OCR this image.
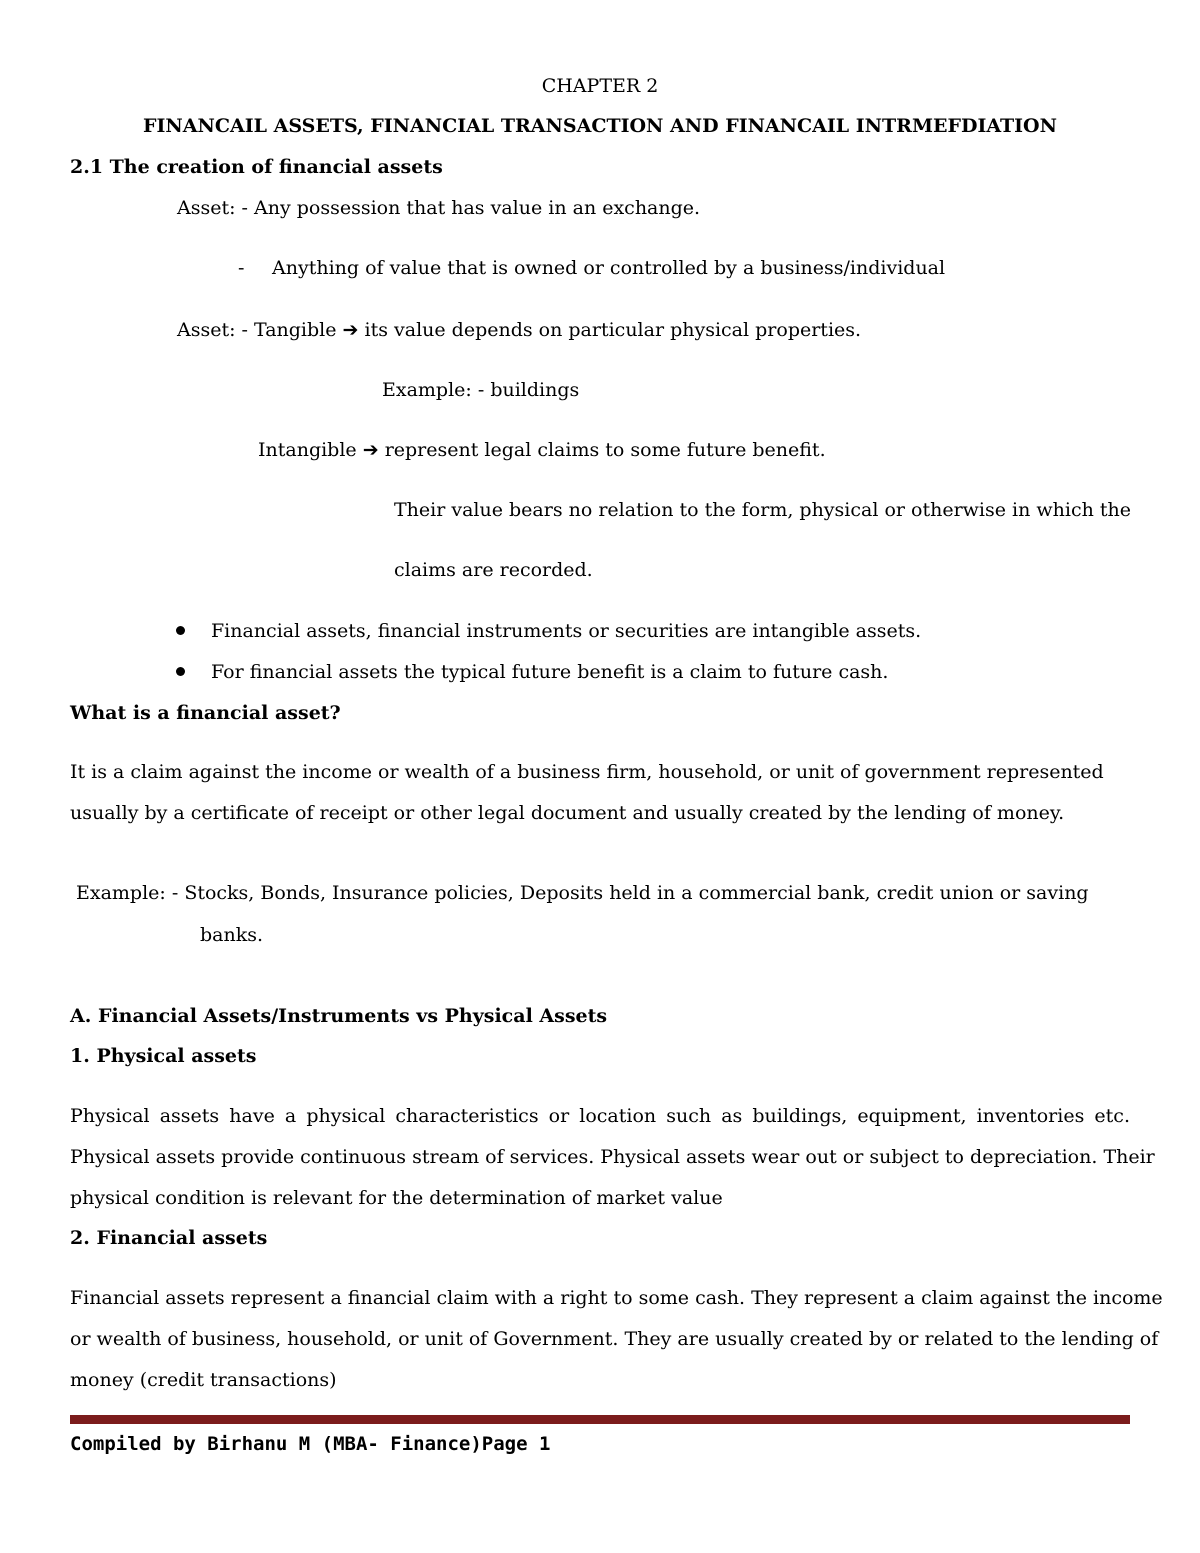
CHAPTER 2
FINANCAIL ASSETS, FINANCIAL TRANSACTION AND FINANCAIL INTRMEFDIATION
2.1 The creation of financial assets
Asset: - Any possession that has value in an exchange.
- Anything of value that is owned or controlled by a business/individual
Asset: - Tangible ➔ its value depends on particular physical properties.
Example: - buildings
Intangible ➔ represent legal claims to some future benefit.
Their value bears no relation to the form, physical or otherwise in which the
claims are recorded.
Financial assets, financial instruments or securities are intangible assets.
For financial assets the typical future benefit is a claim to future cash.
What is a financial asset?
It is a claim against the income or wealth of a business firm, household, or unit of government represented
usually by a certificate of receipt or other legal document and usually created by the lending of money.
Example: - Stocks, Bonds, Insurance policies, Deposits held in a commercial bank, credit union or saving
banks.
A. Financial Assets/Instruments vs Physical Assets
1. Physical assets
Physical assets have a physical characteristics or location such as buildings, equipment, inventories etc.
Physical assets provide continuous stream of services. Physical assets wear out or subject to depreciation. Their
physical condition is relevant for the determination of market value
2. Financial assets
Financial assets represent a financial claim with a right to some cash. They represent a claim against the income
or wealth of business, household, or unit of Government. They are usually created by or related to the lending of
money (credit transactions)
Compiled by Birhanu M (MBA- Finance)Page 1
